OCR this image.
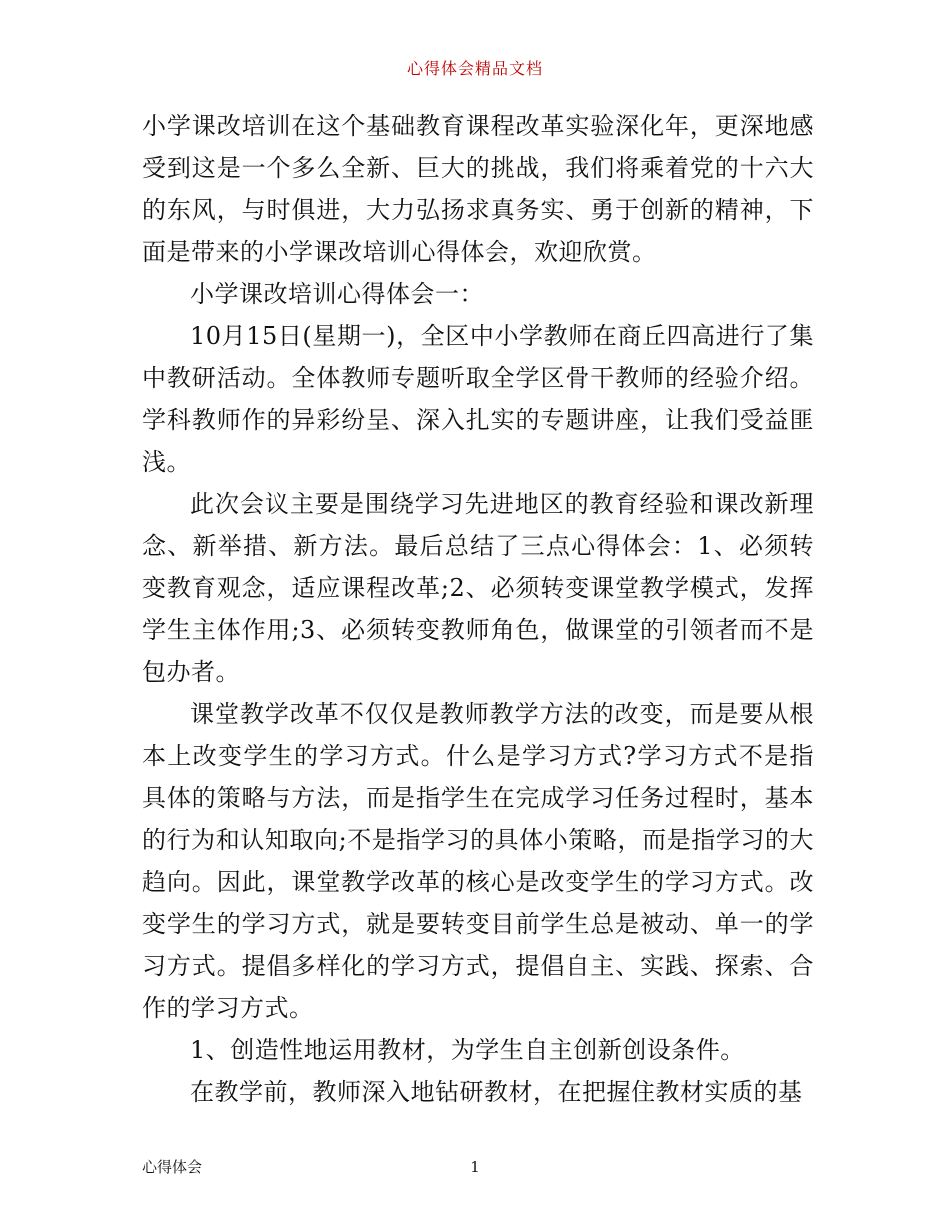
心得体会精品文档

小学课改培训在这个基础教育课程改革实验深化年，更深地感受到这是一个多么全新、巨大的挑战，我们将乘着党的十六大的东风，与时俱进，大力弘扬求真务实、勇于创新的精神，下面是带来的小学课改培训心得体会，欢迎欣赏。

小学课改培训心得体会一：

10月15日(星期一)，全区中小学教师在商丘四高进行了集中教研活动。全体教师专题听取全学区骨干教师的经验介绍。学科教师作的异彩纷呈、深入扎实的专题讲座，让我们受益匪浅。

此次会议主要是围绕学习先进地区的教育经验和课改新理念、新举措、新方法。最后总结了三点心得体会：1、必须转变教育观念，适应课程改革;2、必须转变课堂教学模式，发挥学生主体作用;3、必须转变教师角色，做课堂的引领者而不是包办者。

课堂教学改革不仅仅是教师教学方法的改变，而是要从根本上改变学生的学习方式。什么是学习方式?学习方式不是指具体的策略与方法，而是指学生在完成学习任务过程时，基本的行为和认知取向;不是指学习的具体小策略，而是指学习的大趋向。因此，课堂教学改革的核心是改变学生的学习方式。改变学生的学习方式，就是要转变目前学生总是被动、单一的学习方式。提倡多样化的学习方式，提倡自主、实践、探索、合作的学习方式。

1、创造性地运用教材，为学生自主创新创设条件。

在教学前，教师深入地钻研教材，在把握住教材实质的基

心得体会	1
